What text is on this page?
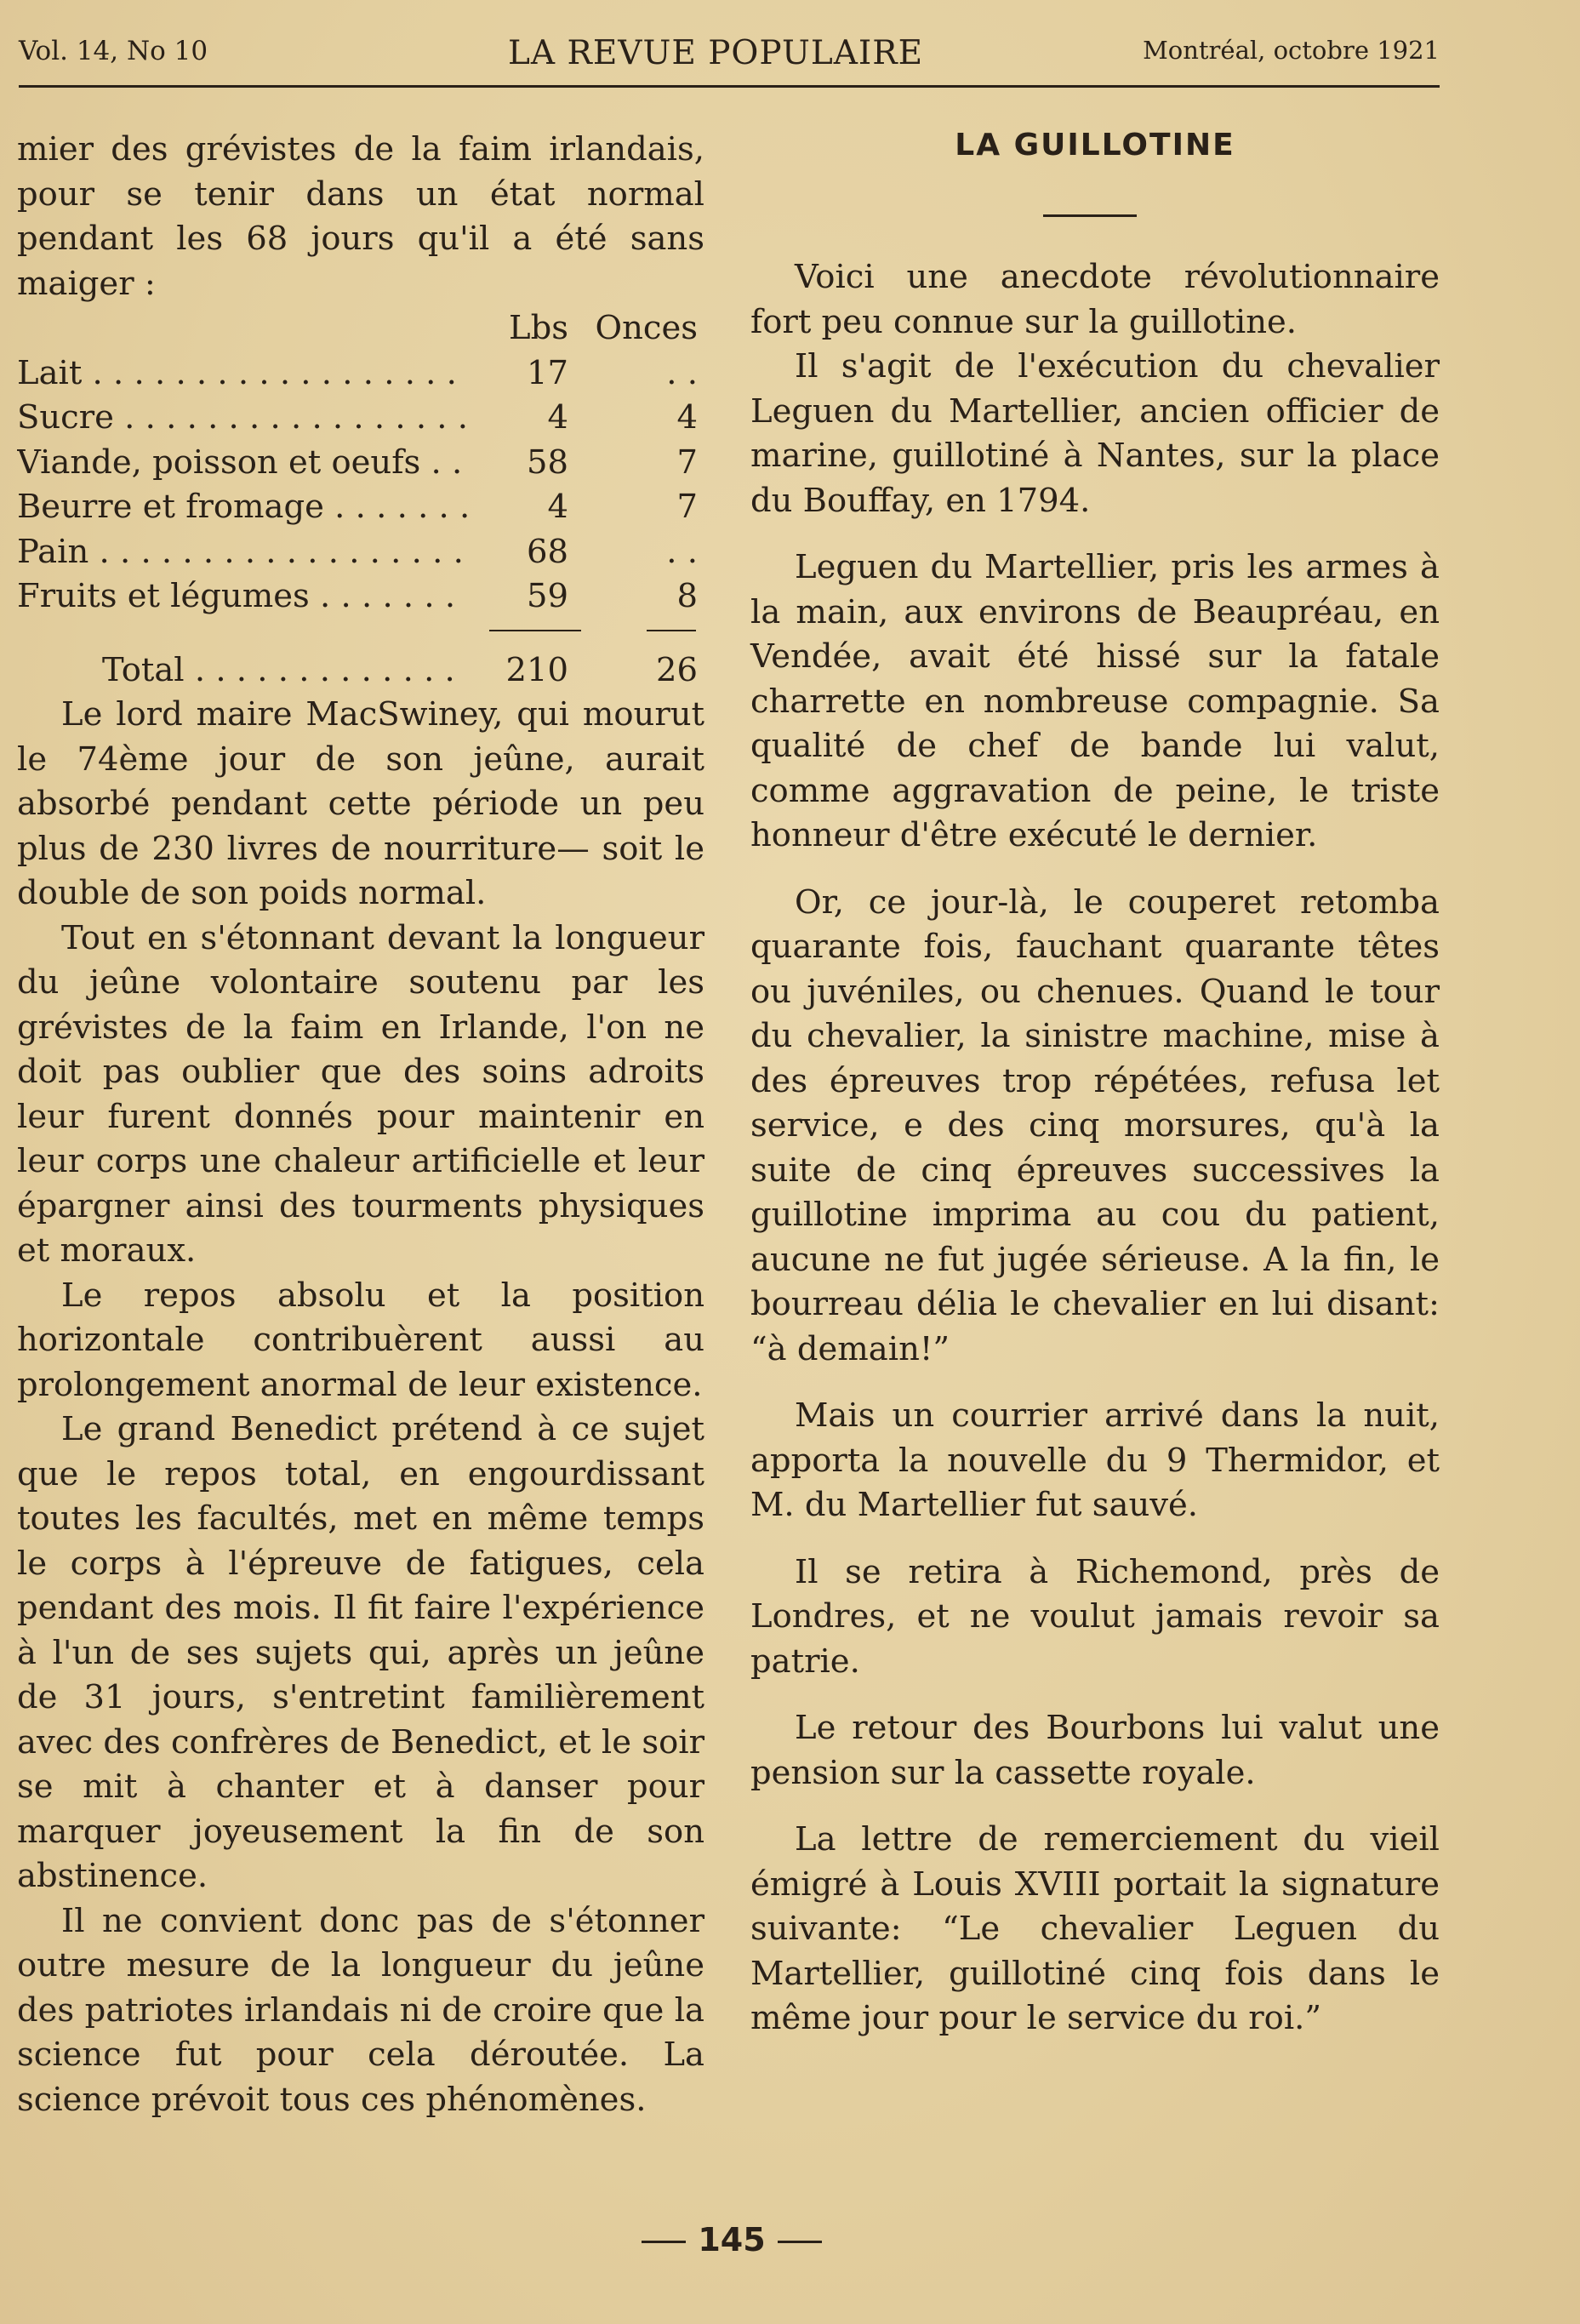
Vol. 14, No 10	LA REVUE POPULAIRE	Montréal, octobre 1921

mier des grévistes de la faim irlandais, pour se tenir dans un état normal pendant les 68 jours qu'il a été sans maiger :

Lbs Onces
Lait . . .	17	. .
Sucre . . .	4	4
Viande, poisson et oeufs . . .	58	7
Beurre et fromage . . .	4	7
Pain . . .	68	. .
Fruits et légumes . . .	59	8
Total . . .	210	26

Le lord maire MacSwiney, qui mourut le 74ème jour de son jeûne, aurait absorbé pendant cette période un peu plus de 230 livres de nourriture— soit le double de son poids normal.

Tout en s'étonnant devant la longueur du jeûne volontaire soutenu par les grévistes de la faim en Irlande, l'on ne doit pas oublier que des soins adroits leur furent donnés pour maintenir en leur corps une chaleur artificielle et leur épargner ainsi des tourments physiques et moraux.

Le repos absolu et la position horizontale contribuèrent aussi au prolongement anormal de leur existence.

Le grand Benedict prétend à ce sujet que le repos total, en engourdissant toutes les facultés, met en même temps le corps à l'épreuve de fatigues, cela pendant des mois. Il fit faire l'expérience à l'un de ses sujets qui, après un jeûne de 31 jours, s'entretint familièrement avec des confrères de Benedict, et le soir se mit à chanter et à danser pour marquer joyeusement la fin de son abstinence.

Il ne convient donc pas de s'étonner outre mesure de la longueur du jeûne des patriotes irlandais ni de croire que la science fut pour cela déroutée. La science prévoit tous ces phénomènes.

LA GUILLOTINE

Voici une anecdote révolutionnaire fort peu connue sur la guillotine.

Il s'agit de l'exécution du chevalier Leguen du Martellier, ancien officier de marine, guillotiné à Nantes, sur la place du Bouffay, en 1794.

Leguen du Martellier, pris les armes à la main, aux environs de Beaupréau, en Vendée, avait été hissé sur la fatale charrette en nombreuse compagnie. Sa qualité de chef de bande lui valut, comme aggravation de peine, le triste honneur d'être exécuté le dernier.

Or, ce jour-là, le couperet retomba quarante fois, fauchant quarante têtes ou juvéniles, ou chenues. Quand le tour du chevalier, la sinistre machine, mise à des épreuves trop répétées, refusa let service, e des cinq morsures, qu'à la suite de cinq épreuves successives la guillotine imprima au cou du patient, aucune ne fut jugée sérieuse. A la fin, le bourreau délia le chevalier en lui disant: “à demain!”

Mais un courrier arrivé dans la nuit, apporta la nouvelle du 9 Thermidor, et M. du Martellier fut sauvé.

Il se retira à Richemond, près de Londres, et ne voulut jamais revoir sa patrie.

Le retour des Bourbons lui valut une pension sur la cassette royale.

La lettre de remerciement du vieil émigré à Louis XVIII portait la signature suivante: “Le chevalier Leguen du Martellier, guillotiné cinq fois dans le même jour pour le service du roi.”

145
